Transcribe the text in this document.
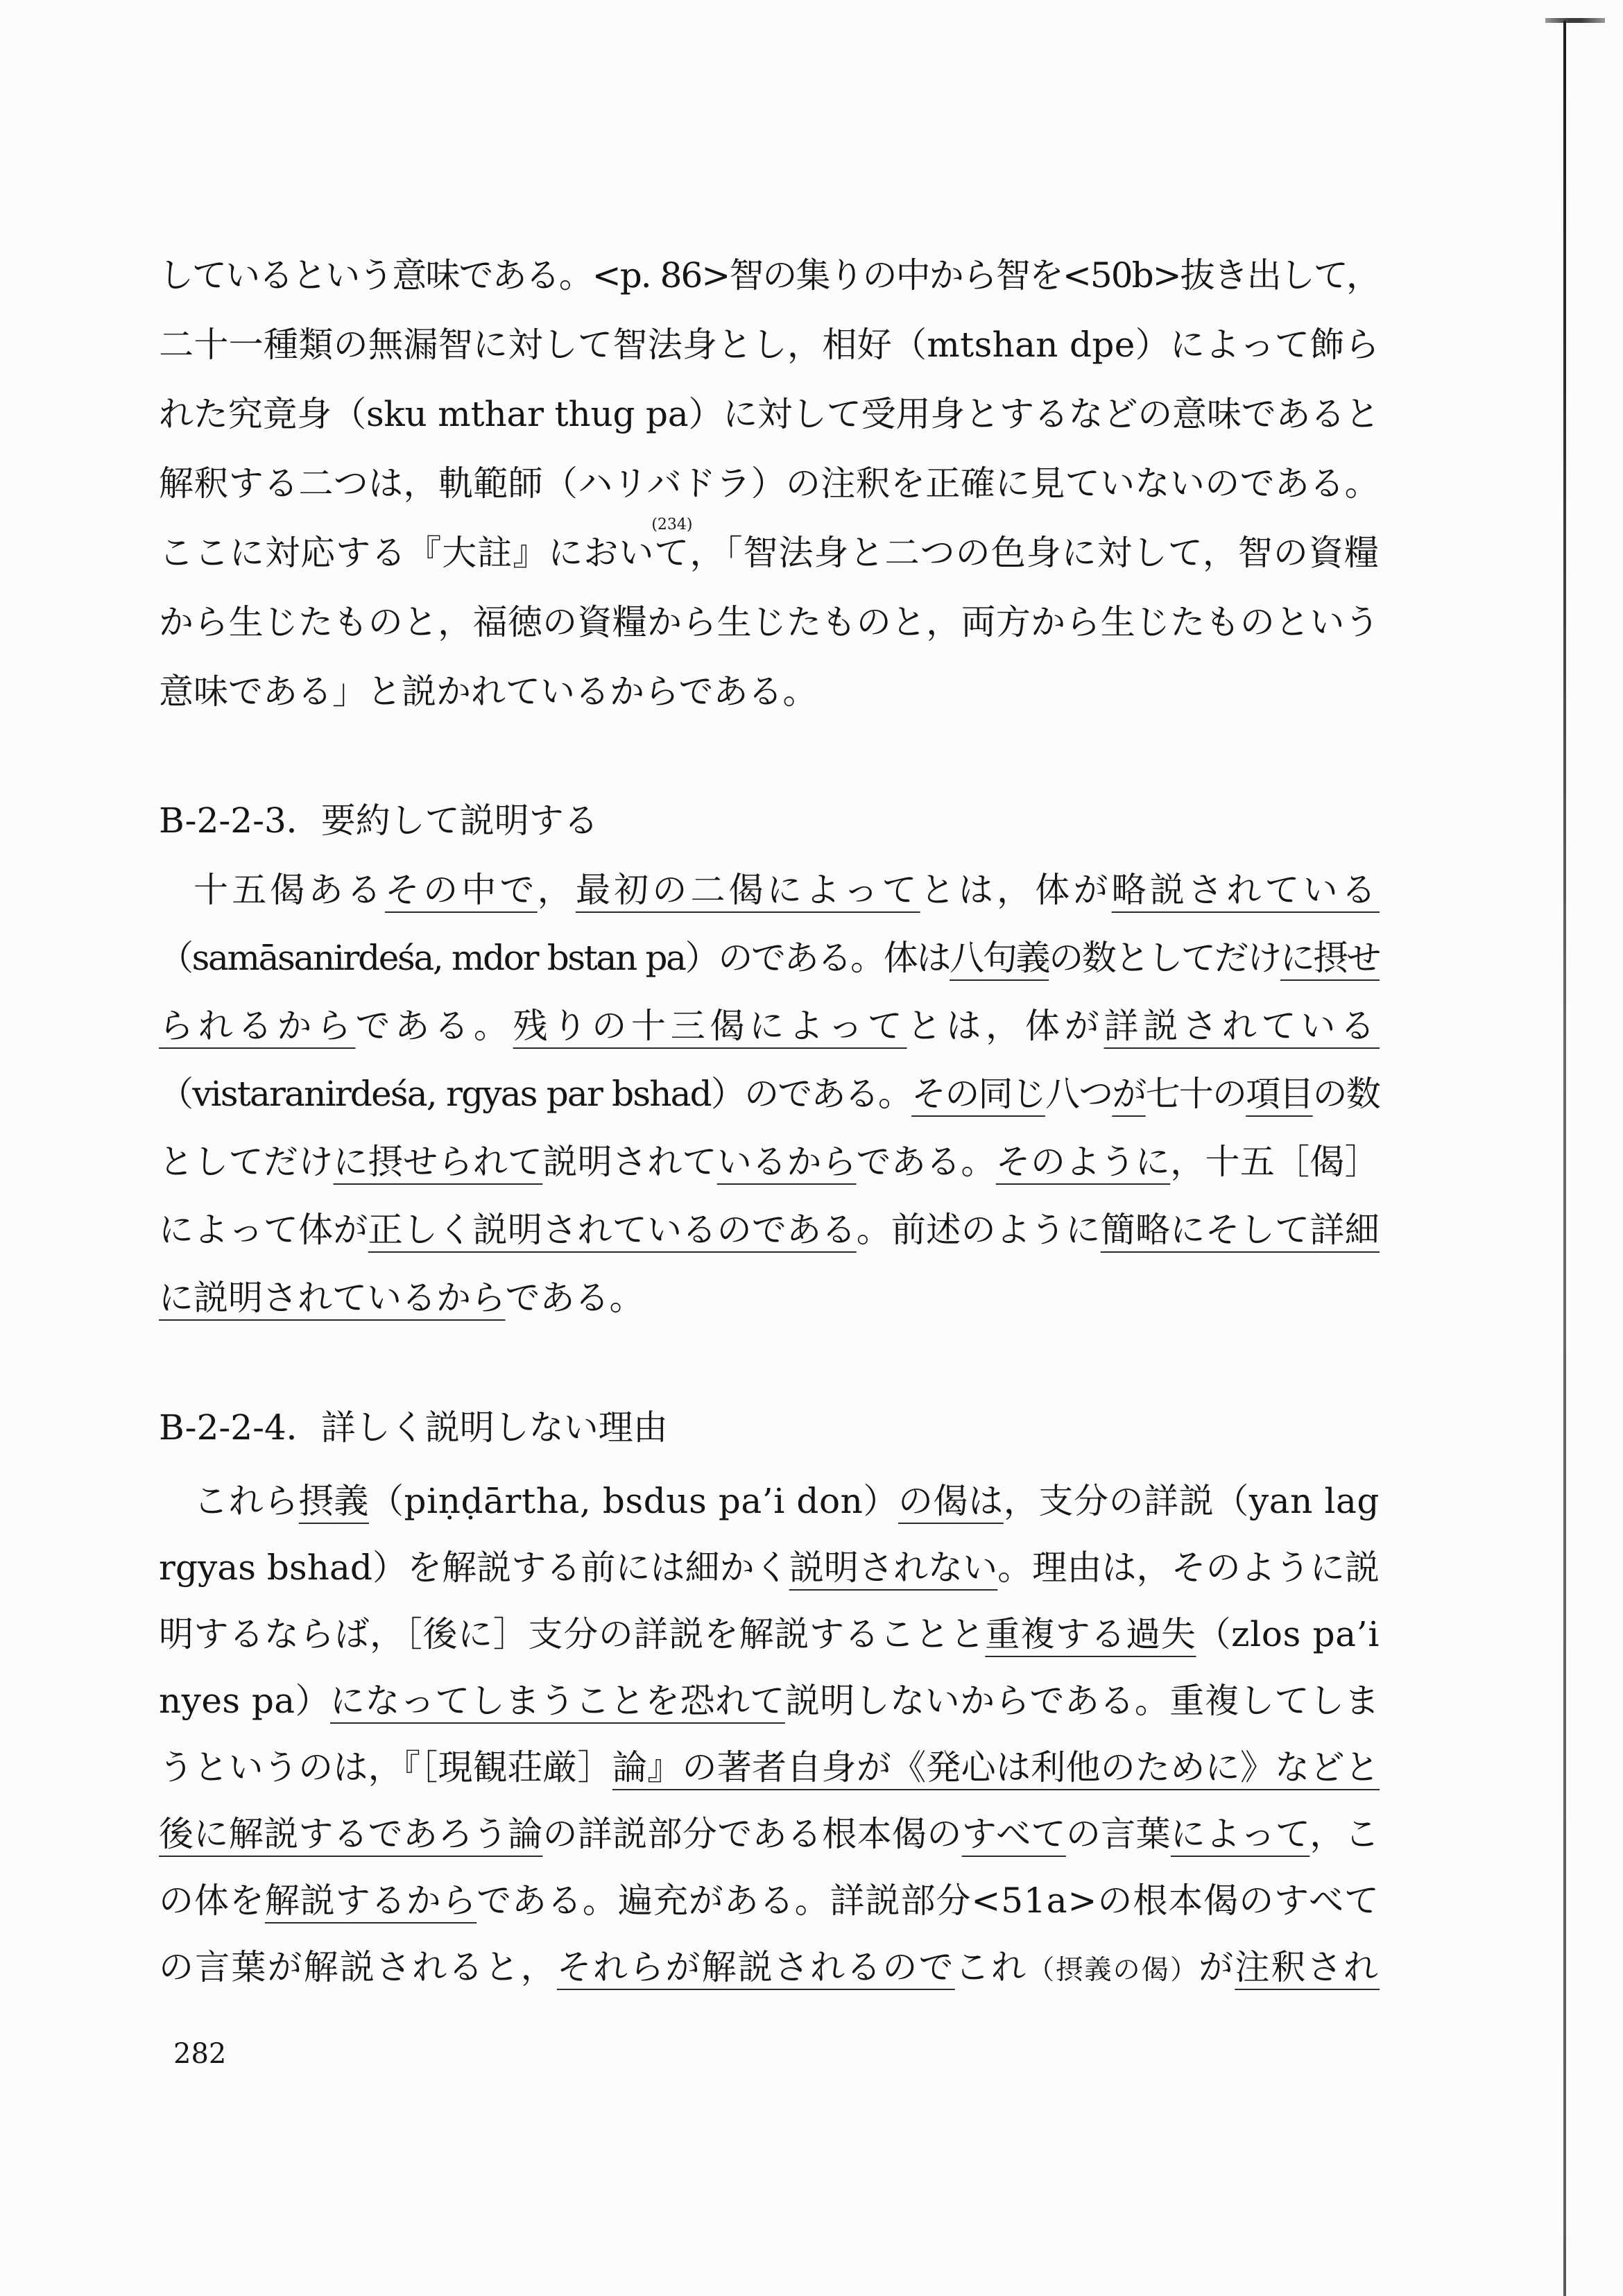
しているという意味である。<p. 86>智の集りの中から智を<50b>抜き出して，
二十一種類の無漏智に対して智法身とし，相好（mtshan dpe）によって飾ら
れた究竟身（sku mthar thug pa）に対して受用身とするなどの意味であると
解釈する二つは，軌範師（ハリバドラ）の注釈を正確に見ていないのである。
ここに対応する『大註』において
(234)
，「智法身と二つの色身に対して，智の資糧
から生じたものと，福徳の資糧から生じたものと，両方から生じたものという
意味である」と説かれているからである。
B-2-2-3．要約して説明する
十五偈あるその中で，最初の二偈によってとは，体が略説されている
（samāsanirdeśa, mdor bstan pa）のである。体は八句義の数としてだけに摂せ
られるからである。残りの十三偈によってとは，体が詳説されている
（vistaranirdeśa, rgyas par bshad）のである。その同じ八つが七十の項目の数
としてだけに摂せられて説明されているからである。そのように，十五［偈］
によって体が正しく説明されているのである。前述のように簡略にそして詳細
に説明されているからである。
B-2-2-4．詳しく説明しない理由
これら摂義（piṇḍārtha, bsdus pa’i don）の偈は，支分の詳説（yan lag
rgyas bshad）を解説する前には細かく説明されない。理由は，そのように説
明するならば，［後に］支分の詳説を解説することと重複する過失（zlos pa’i
nyes pa）になってしまうことを恐れて説明しないからである。重複してしま
うというのは，『［現観荘厳］論』の著者自身が《発心は利他のために》などと
後に解説するであろう論の詳説部分である根本偈のすべての言葉によって，こ
の体を解説するからである。遍充がある。詳説部分<51a>の根本偈のすべて
の言葉が解説されると，それらが解説されるのでこれ（摂義の偈）が注釈され
282
